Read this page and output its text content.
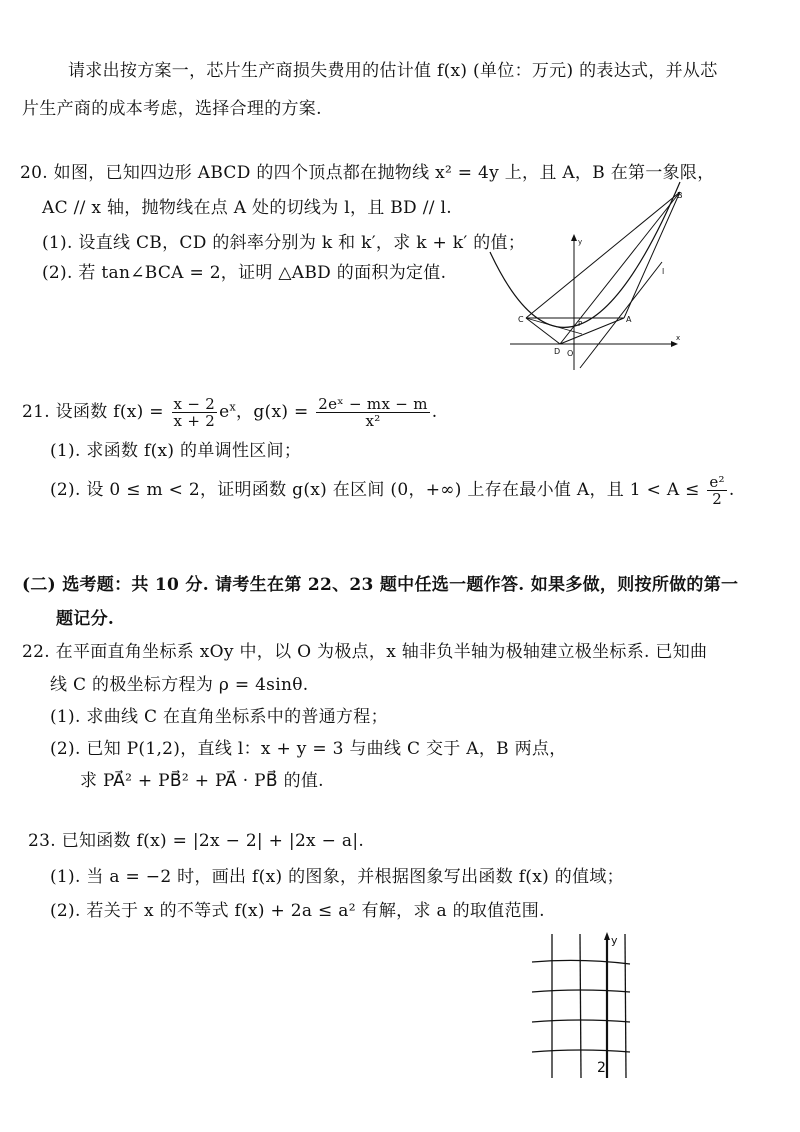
请求出按方案一，芯片生产商损失费用的估计值 f(x) (单位：万元) 的表达式，并从芯
片生产商的成本考虑，选择合理的方案.
20. 如图，已知四边形 ABCD 的四个顶点都在抛物线 x² = 4y 上，且 A，B 在第一象限，
AC // x 轴，抛物线在点 A 处的切线为 l，且 BD // l.
(1). 设直线 CB，CD 的斜率分别为 k 和 k′，求 k + k′ 的值；
(2). 若 tan∠BCA = 2，证明 △ABD 的面积为定值.
B
l
C	P	A
D O
y
x
21. 设函数 $f(x) = \frac{x - 2}{x + 2} e^x$，$g(x) = \frac{\text{2eˣ − mx − m}}{\text{x²}}$ .
(1). 求函数 f(x) 的单调性区间；
(2). 设 0 ≤ m < 2，证明函数 g(x) 在区间 (0，+∞) 上存在最小值 A，且 $1 < A \le \frac{\text{e²}}{2}$ .
(二) 选考题：共 10 分. 请考生在第 22、23 题中任选一题作答. 如果多做，则按所做的第一
题记分.
22. 在平面直角坐标系 xOy 中，以 O 为极点，x 轴非负半轴为极轴建立极坐标系. 已知曲
线 C 的极坐标方程为 ρ = 4sinθ.
(1). 求曲线 C 在直角坐标系中的普通方程；
(2). 已知 P(1,2)，直线 l：x + y = 3 与曲线 C 交于 A，B 两点，
求 PA⃗² + PB⃗² + PA⃗ · PB⃗ 的值.
23. 已知函数 f(x) = |2x − 2| + |2x − a|.
(1). 当 a = −2 时，画出 f(x) 的图象，并根据图象写出函数 f(x) 的值域；
(2). 若关于 x 的不等式 f(x) + 2a ≤ a² 有解，求 a 的取值范围.
y
2
